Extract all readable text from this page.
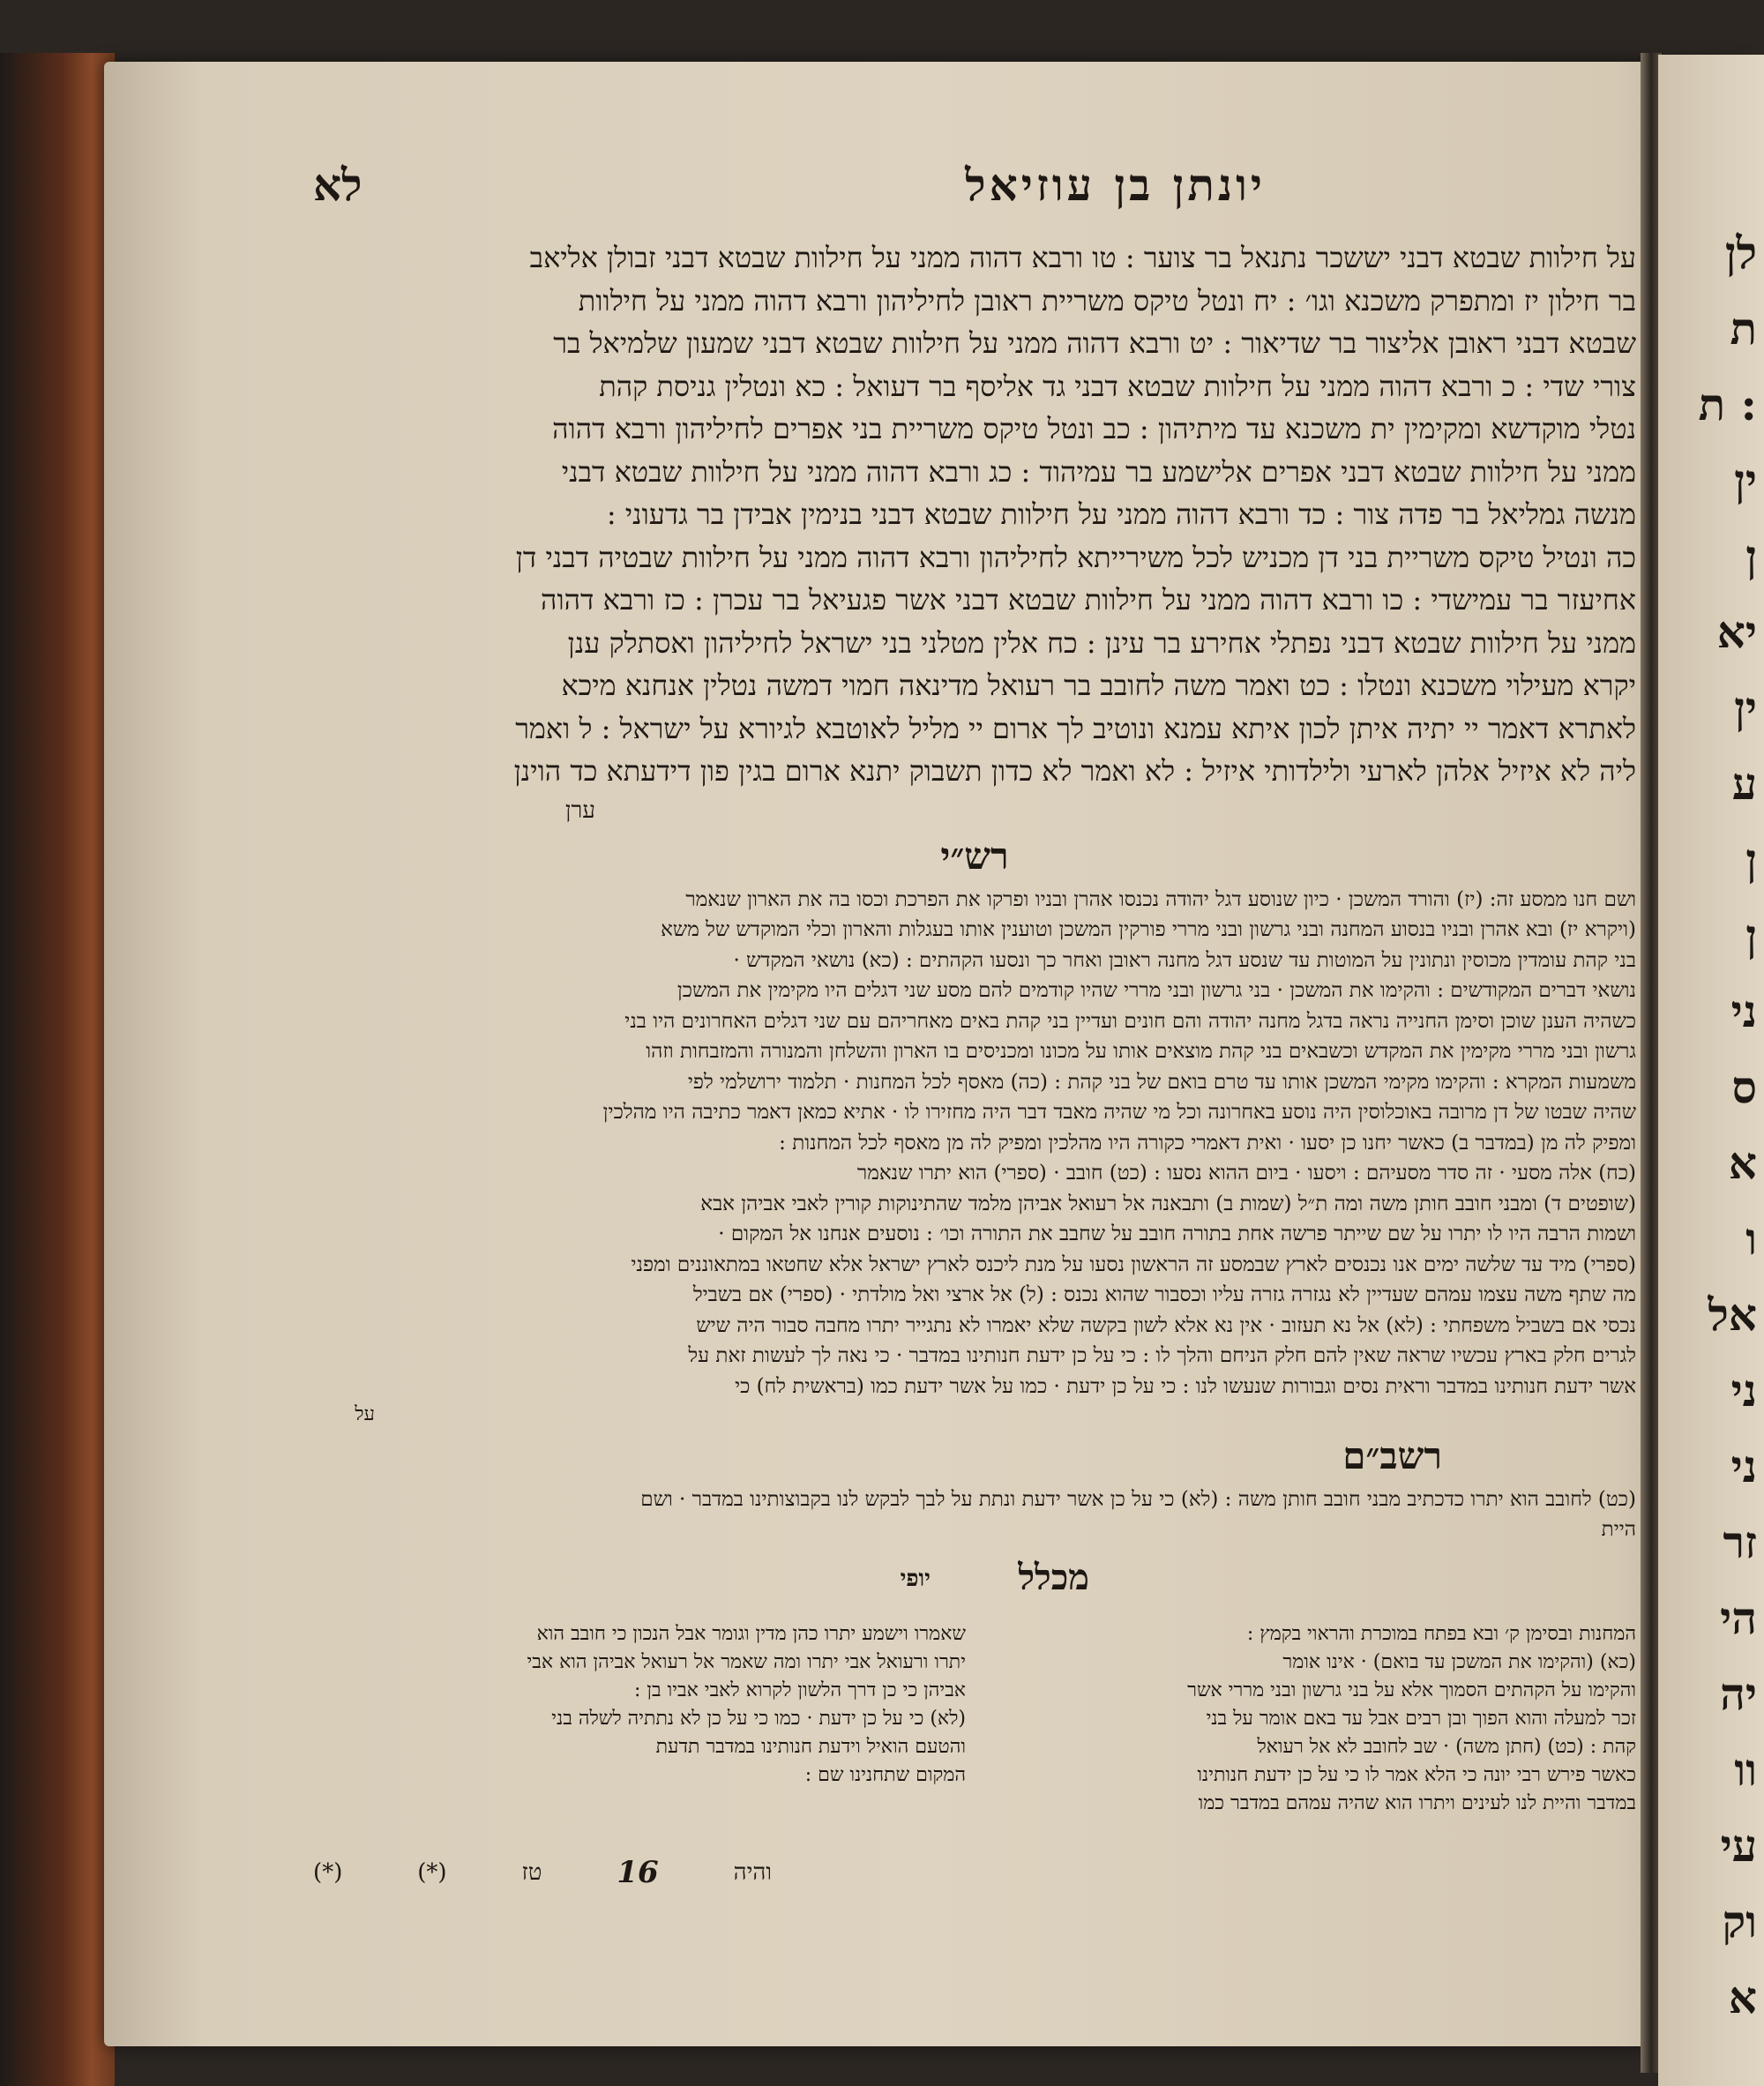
לן
ת
ת :
ין
ן
יא
ין
ע
ן
ן
ני
ס
א
ו
אל
ני
ני
זר
הי
יה
וו
עי
וק
א
יונתן בן עוזיאל
לא
על חילוות שבטא דבני יששכר נתנאל בר צוער : טו ורבא דהוה ממני על חילוות שבטא דבני זבולן אליאב
בר חילון יז ומתפרק משכנא וגו׳ : יח ונטל טיקס משריית ראובן לחיליהון ורבא דהוה ממני על חילוות
שבטא דבני ראובן אליצור בר שדיאור : יט ורבא דהוה ממני על חילוות שבטא דבני שמעון שלמיאל בר
צורי שדי : כ ורבא דהוה ממני על חילוות שבטא דבני גד אליסף בר דעואל : כא ונטלין גניסת קהת
נטלי מוקדשא ומקימין ית משכנא עד מיתיהון : כב ונטל טיקס משריית בני אפרים לחיליהון ורבא דהוה
ממני על חילוות שבטא דבני אפרים אלישמע בר עמיהוד : כג ורבא דהוה ממני על חילוות שבטא דבני
מנשה גמליאל בר פדה צור : כד ורבא דהוה ממני על חילוות שבטא דבני בנימין אבידן בר גדעוני :
כה ונטיל טיקס משריית בני דן מכניש לכל משירייתא לחיליהון ורבא דהוה ממני על חילוות שבטיה דבני דן
אחיעזר בר עמישדי : כו ורבא דהוה ממני על חילוות שבטא דבני אשר פגעיאל בר עכרן : כז ורבא דהוה
ממני על חילוות שבטא דבני נפתלי אחירע בר עינן : כח אלין מטלני בני ישראל לחיליהון ואסתלק ענן
יקרא מעילוי משכנא ונטלו : כט ואמר משה לחובב בר רעואל מדינאה חמוי דמשה נטלין אנחנא מיכא
לאתרא דאמר יי יתיה איתן לכון איתא עמנא ונוטיב לך ארום יי מליל לאוטבא לגיורא על ישראל : ל ואמר
ליה לא איזיל אלהן לארעי ולילדותי איזיל : לא ואמר לא כדון תשבוק יתנא ארום בגין פון דידעתא כד הוינן
ערן
רש״י
ושם חנו ממסע זה: (יז) והורד המשכן · כיון שנוסע דגל יהודה נכנסו אהרן ובניו ופרקו את הפרכת וכסו בה את הארון שנאמר
(ויקרא יז) ובא אהרן ובניו בנסוע המחנה ובני גרשון ובני מררי פורקין המשכן וטוענין אותו בעגלות והארון וכלי המוקדש של משא
בני קהת עומדין מכוסין ונתונין על המוטות עד שנסע דגל מחנה ראובן ואחר כך ונסעו הקהתים : (כא) נושאי המקדש ·
נושאי דברים המקודשים : והקימו את המשכן · בני גרשון ובני מררי שהיו קודמים להם מסע שני דגלים היו מקימין את המשכן
כשהיה הענן שוכן וסימן החנייה נראה בדגל מחנה יהודה והם חונים ועדיין בני קהת באים מאחריהם עם שני דגלים האחרונים היו בני
גרשון ובני מררי מקימין את המקדש וכשבאים בני קהת מוצאים אותו על מכונו ומכניסים בו הארון והשלחן והמנורה והמזבחות וזהו
משמעות המקרא : והקימו מקימי המשכן אותו עד טרם בואם של בני קהת : (כה) מאסף לכל המחנות · תלמוד ירושלמי לפי
שהיה שבטו של דן מרובה באוכלוסין היה נוסע באחרונה וכל מי שהיה מאבד דבר היה מחזירו לו · אתיא כמאן דאמר כתיבה היו מהלכין
ומפיק לה מן (במדבר ב) כאשר יחנו כן יסעו · ואית דאמרי כקורה היו מהלכין ומפיק לה מן מאסף לכל המחנות :
(כח) אלה מסעי · זה סדר מסעיהם : ויסעו · ביום ההוא נסעו : (כט) חובב · (ספרי) הוא יתרו שנאמר
(שופטים ד) ומבני חובב חותן משה ומה ת״ל (שמות ב) ותבאנה אל רעואל אביהן מלמד שהתינוקות קורין לאבי אביהן אבא
ושמות הרבה היו לו יתרו על שם שייתר פרשה אחת בתורה חובב על שחבב את התורה וכו׳ : נוסעים אנחנו אל המקום ·
(ספרי) מיד עד שלשה ימים אנו נכנסים לארץ שבמסע זה הראשון נסעו על מנת ליכנס לארץ ישראל אלא שחטאו במתאוננים ומפני
מה שתף משה עצמו עמהם שעדיין לא נגזרה גזרה עליו וכסבור שהוא נכנס : (ל) אל ארצי ואל מולדתי · (ספרי) אם בשביל
נכסי אם בשביל משפחתי : (לא) אל נא תעזוב · אין נא אלא לשון בקשה שלא יאמרו לא נתגייר יתרו מחבה סבור היה שיש
לגרים חלק בארץ עכשיו שראה שאין להם חלק הניחם והלך לו : כי על כן ידעת חנותינו במדבר · כי נאה לך לעשות זאת על
אשר ידעת חנותינו במדבר וראית נסים וגבורות שנעשו לנו : כי על כן ידעת · כמו על אשר ידעת כמו (בראשית לח) כי
על
רשב״ם
(כט) לחובב הוא יתרו כדכתיב מבני חובב חותן משה : (לא) כי על כן אשר ידעת ונתת על לבך לבקש לנו בקבוצותינו במדבר · ושם
היית
מכלל
יופי
המחנות ובסימן ק׳ ובא בפתח במוכרת והראוי בקמץ :
(כא) (והקימו את המשכן עד בואם) · אינו אומר
והקימו על הקהתים הסמוך אלא על בני גרשון ובני מררי אשר
זכר למעלה והוא הפוך ובן רבים אבל עד באם אומר על בני
קהת : (כט) (חתן משה) · שב לחובב לא אל רעואל
כאשר פירש רבי יונה כי הלא אמר לו כי על כן ידעת חנותינו
במדבר והיית לנו לעינים ויתרו הוא שהיה עמהם במדבר כמו
שאמרו וישמע יתרו כהן מדין וגומר אבל הנכון כי חובב הוא
יתרו ורעואל אבי יתרו ומה שאמר אל רעואל אביהן הוא אבי
אביהן כי כן דרך הלשון לקרוא לאבי אביו בן :
(לא) כי על כן ידעת · כמו כי על כן לא נתתיה לשלה בני
והטעם הואיל וידעת חנותינו במדבר תדעת
המקום שתחנינו שם :
והיה
16
טז
(*)
(*)
